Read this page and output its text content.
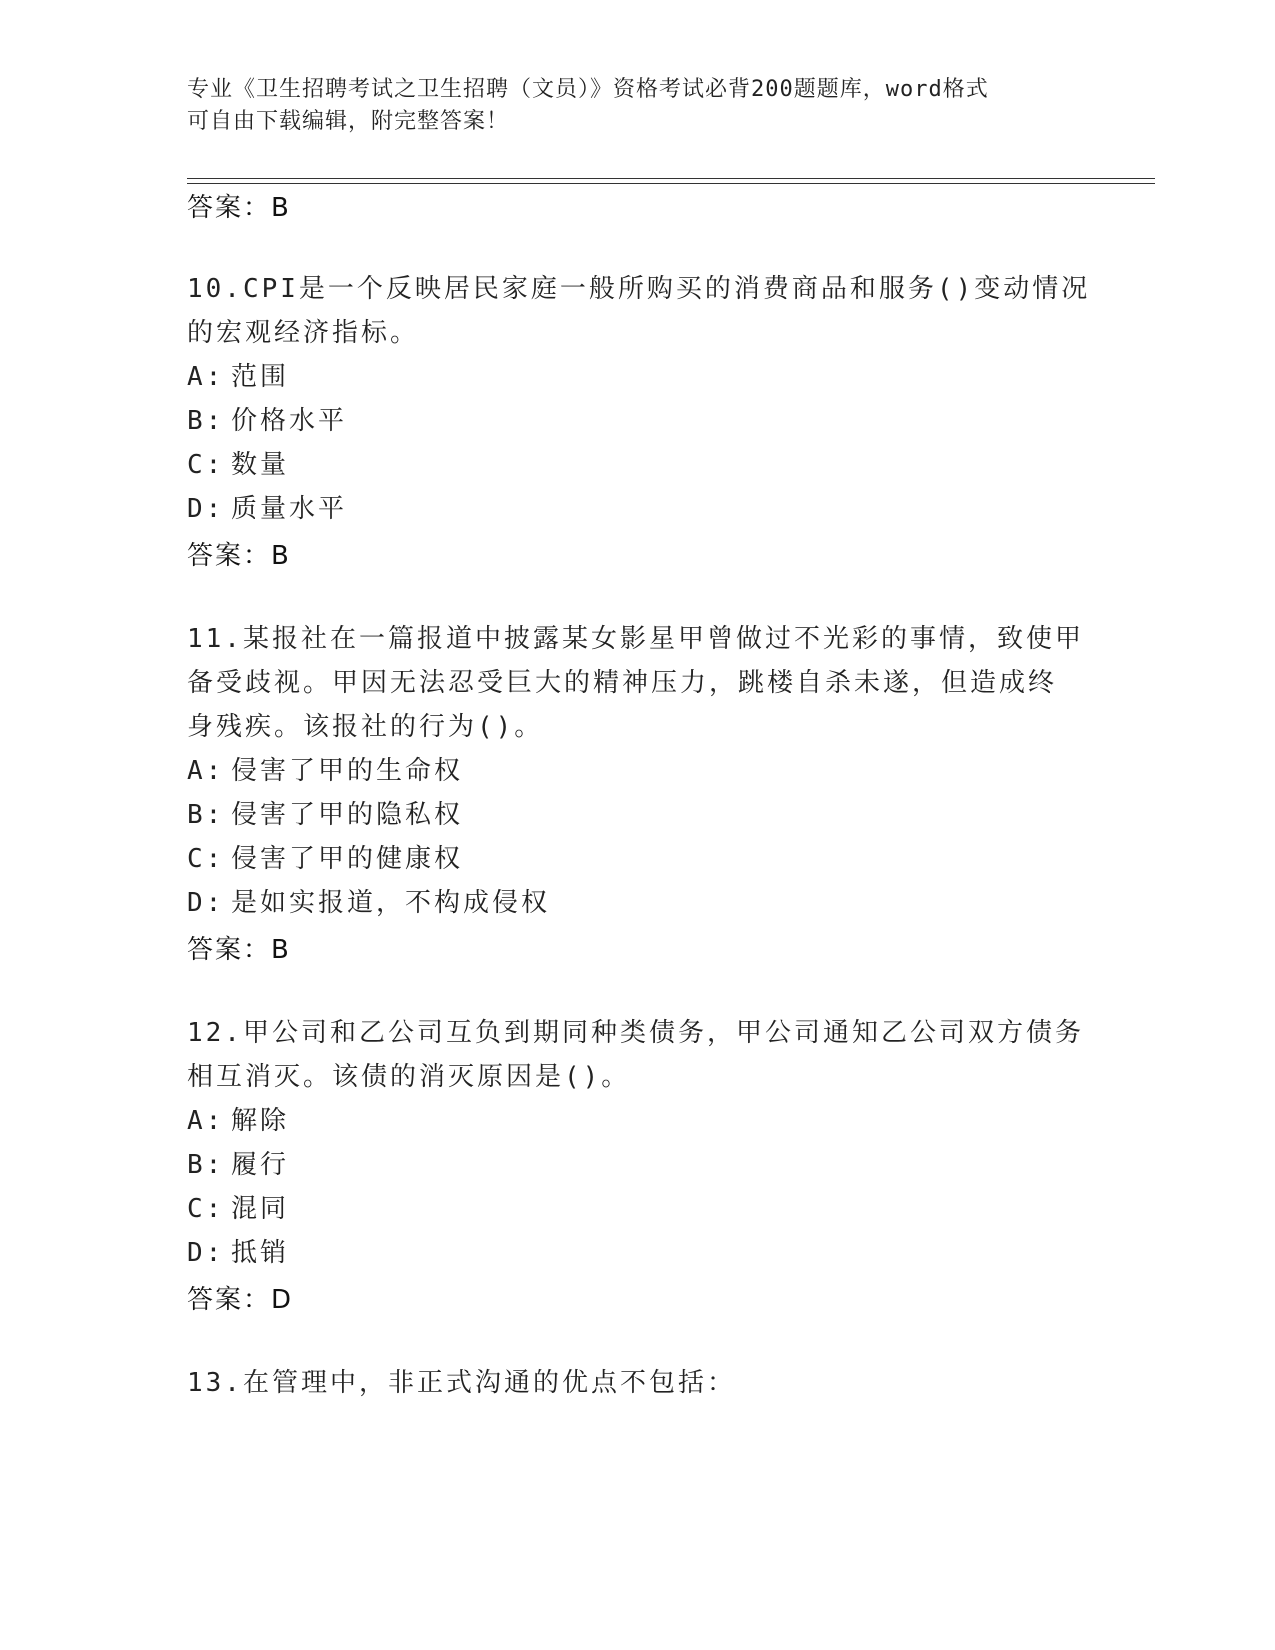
专业《卫生招聘考试之卫生招聘（文员）》资格考试必背200题题库，word格式
可自由下载编辑，附完整答案！
答案：B
10.CPI是一个反映居民家庭一般所购买的消费商品和服务()变动情况
的宏观经济指标。
A: 范围
B: 价格水平
C: 数量
D: 质量水平
答案：B
11.某报社在一篇报道中披露某女影星甲曾做过不光彩的事情，致使甲
备受歧视。甲因无法忍受巨大的精神压力，跳楼自杀未遂，但造成终
身残疾。该报社的行为()。
A: 侵害了甲的生命权
B: 侵害了甲的隐私权
C: 侵害了甲的健康权
D: 是如实报道，不构成侵权
答案：B
12.甲公司和乙公司互负到期同种类债务，甲公司通知乙公司双方债务
相互消灭。该债的消灭原因是()。
A: 解除
B: 履行
C: 混同
D: 抵销
答案：D
13.在管理中，非正式沟通的优点不包括：
